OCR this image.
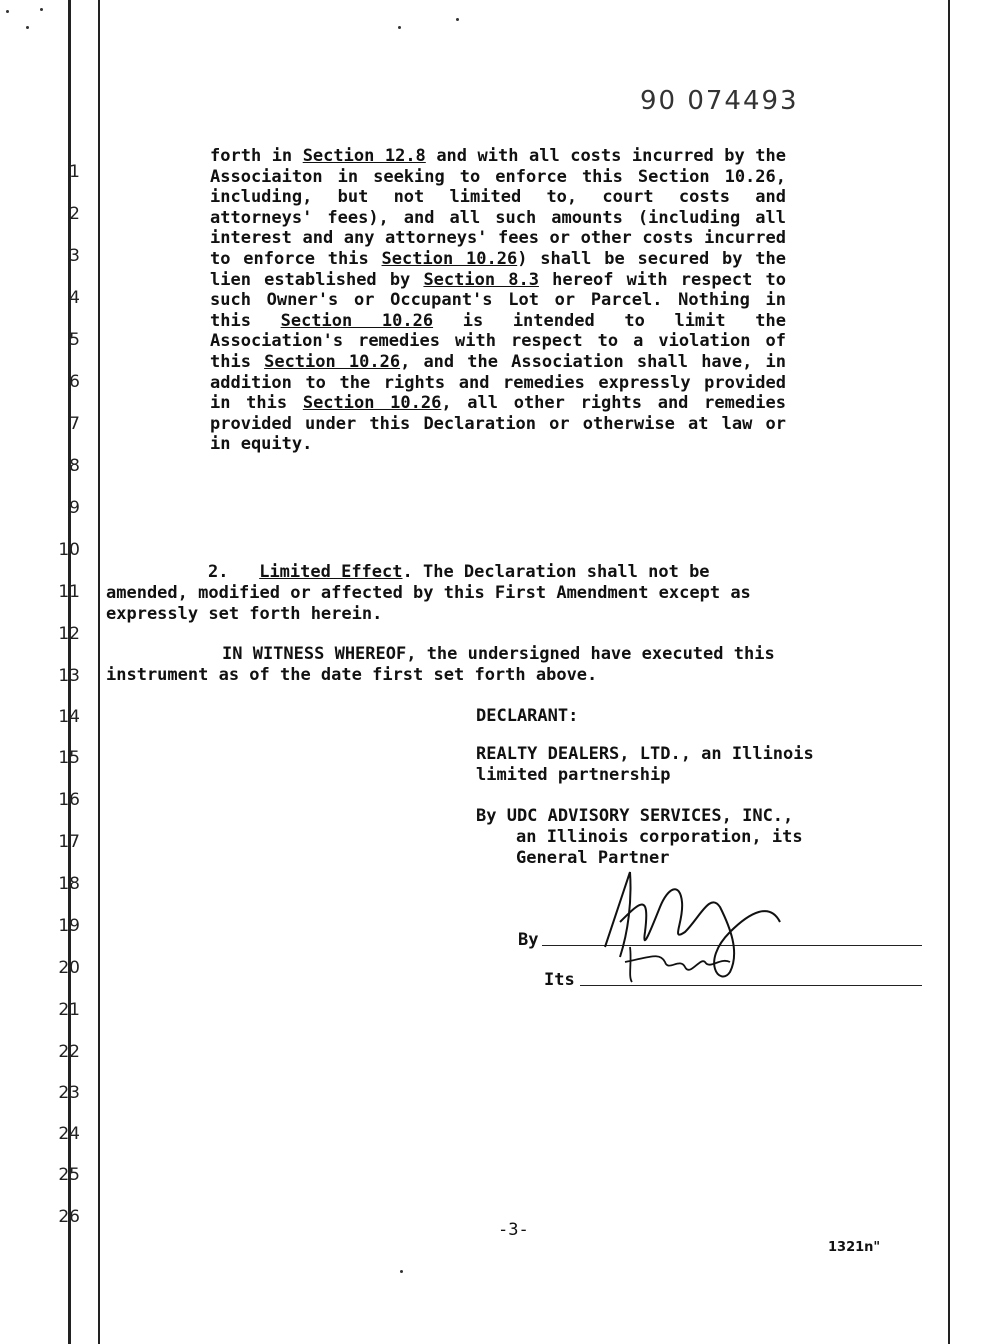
1
2
3
4
5
6
7
8
9
10
11
12
13
14
15
16
17
18
19
20
21
22
23
24
25
26
90 074493
forth in Section 12.8 and with all costs incurred by the Associaiton in seeking to enforce this Section 10.26, including, but not limited to, court costs and attorneys' fees), and all such amounts (including all interest and any attorneys' fees or other costs incurred to enforce this Section 10.26) shall be secured by the lien established by Section 8.3 hereof with respect to such Owner's or Occupant's Lot or Parcel. Nothing in this Section 10.26 is intended to limit the Association's remedies with respect to a violation of this Section 10.26, and the Association shall have, in addition to the rights and remedies expressly provided in this Section 10.26, all other rights and remedies provided under this Declaration or otherwise at law or in equity.
2. Limited Effect. The Declaration shall not be
amended, modified or affected by this First Amendment except as
expressly set forth herein.
IN WITNESS WHEREOF, the undersigned have executed this
instrument as of the date first set forth above.
DECLARANT:
REALTY DEALERS, LTD., an Illinois
limited partnership
By UDC ADVISORY SERVICES, INC.,
an Illinois corporation, its
General Partner
By
Its
-3-
1321n"
